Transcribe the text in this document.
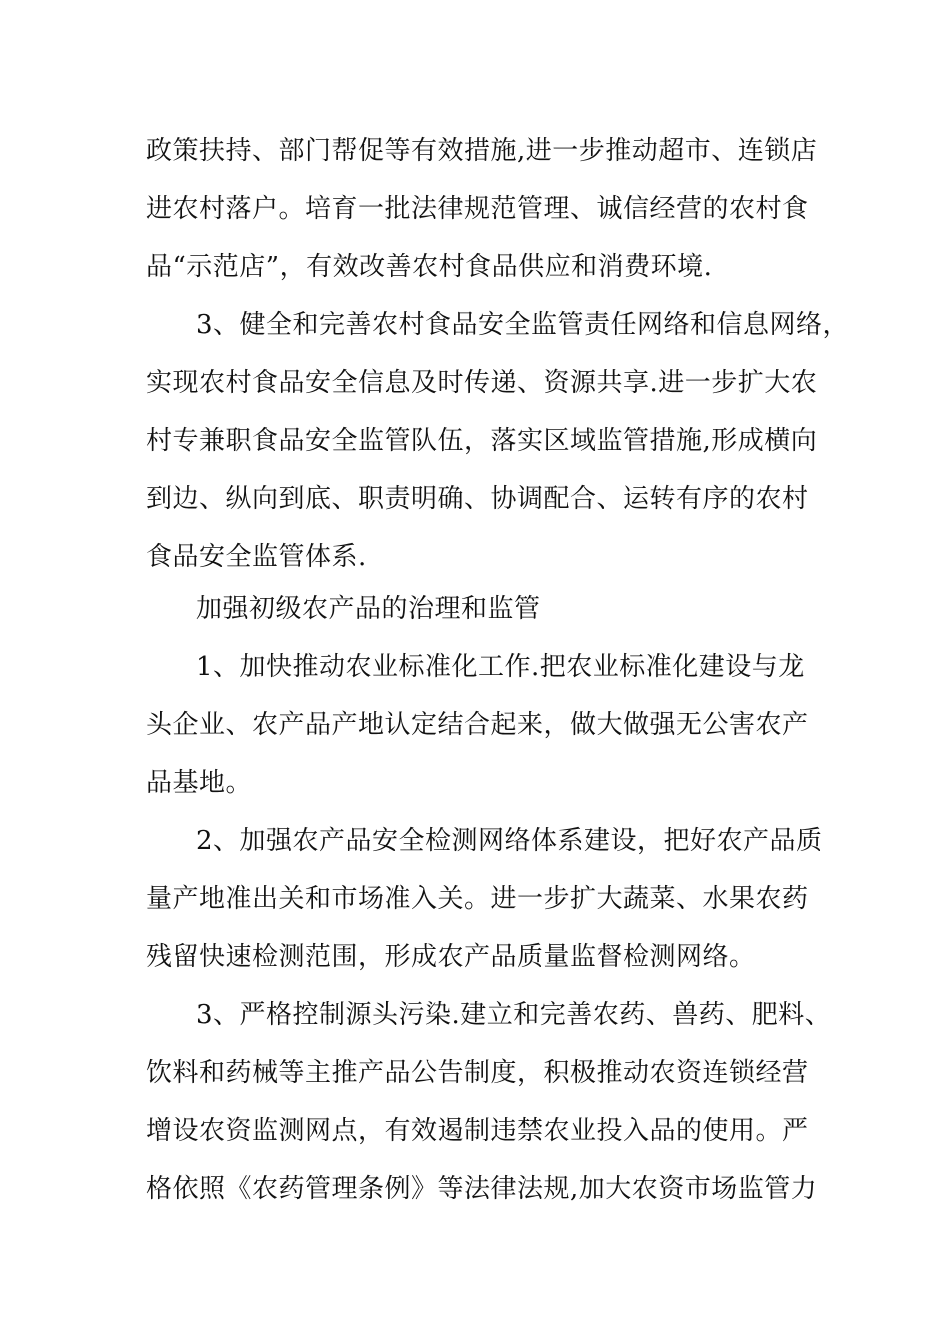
政策扶持、部门帮促等有效措施,进一步推动超市、连锁店
进农村落户。培育一批法律规范管理、诚信经营的农村食
品“示范店”，有效改善农村食品供应和消费环境.
3、健全和完善农村食品安全监管责任网络和信息网络，
实现农村食品安全信息及时传递、资源共享.进一步扩大农
村专兼职食品安全监管队伍，落实区域监管措施,形成横向
到边、纵向到底、职责明确、协调配合、运转有序的农村
食品安全监管体系.
加强初级农产品的治理和监管
1、加快推动农业标准化工作.把农业标准化建设与龙
头企业、农产品产地认定结合起来，做大做强无公害农产
品基地。
2、加强农产品安全检测网络体系建设，把好农产品质
量产地准出关和市场准入关。进一步扩大蔬菜、水果农药
残留快速检测范围，形成农产品质量监督检测网络。
3、严格控制源头污染.建立和完善农药、兽药、肥料、
饮料和药械等主推产品公告制度，积极推动农资连锁经营
增设农资监测网点，有效遏制违禁农业投入品的使用。严
格依照《农药管理条例》等法律法规,加大农资市场监管力
